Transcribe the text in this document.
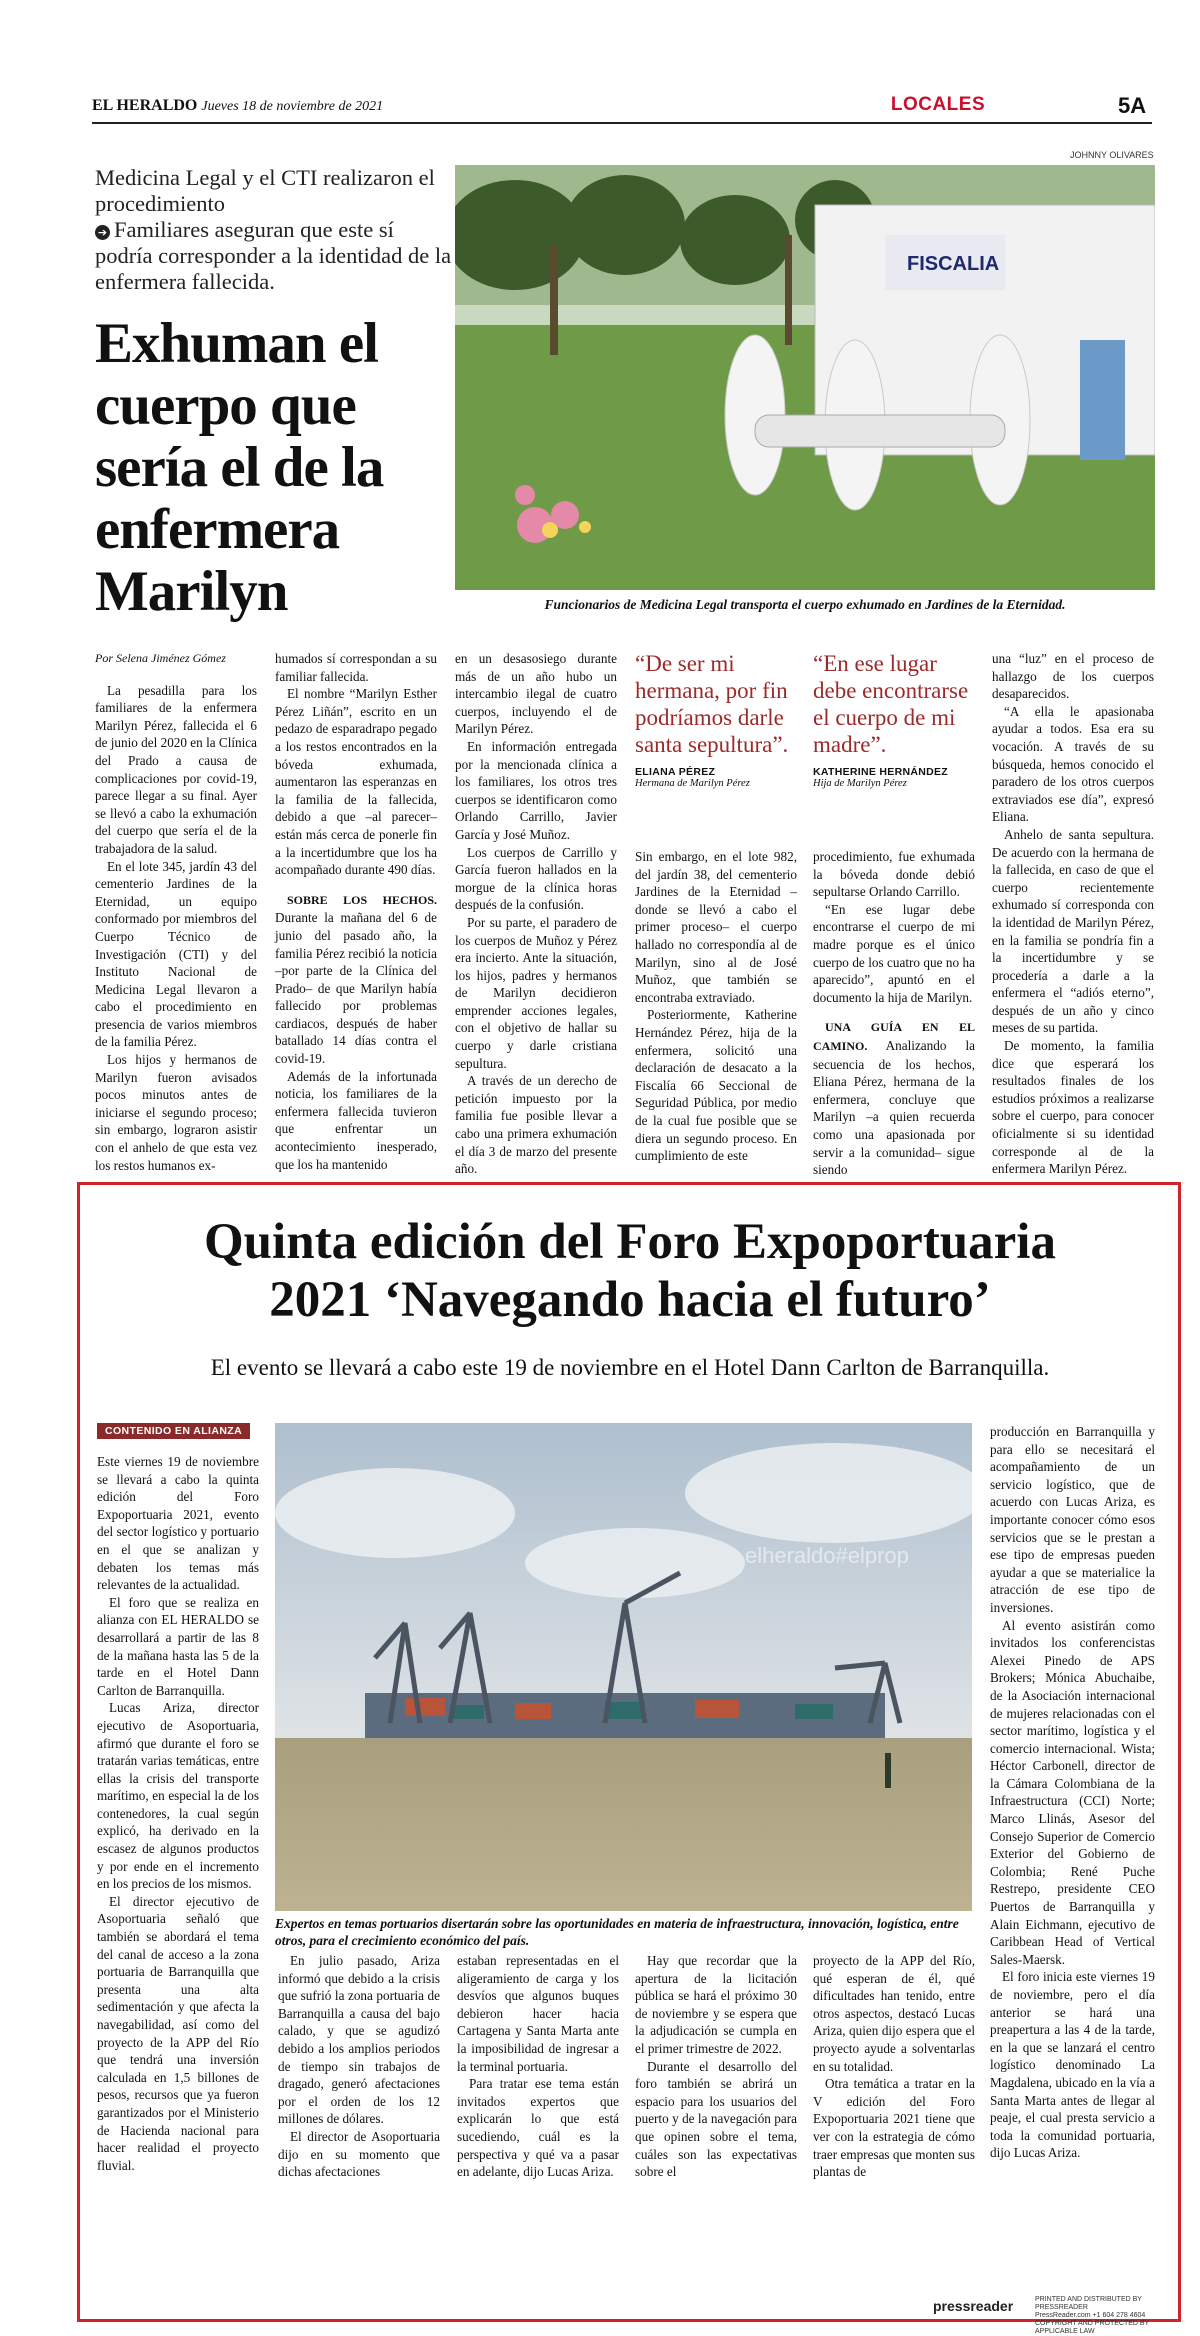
EL HERALDO Jueves 18 de noviembre de 2021	LOCALES	5A
JOHNNY OLIVARES
Medicina Legal y el CTI realizaron el procedimiento
➔ Familiares aseguran que este sí podría corresponder a la identidad de la enfermera fallecida.
Exhuman el cuerpo que sería el de la enfermera Marilyn
FISCALIA
Funcionarios de Medicina Legal transporta el cuerpo exhumado en Jardines de la Eternidad.

Por Selena Jiménez Gómez

La pesadilla para los familiares de la enfermera Marilyn Pérez, fallecida el 6 de junio del 2020 en la Clínica del Prado a causa de complicaciones por covid-19, parece llegar a su final. Ayer se llevó a cabo la exhumación del cuerpo que sería el de la trabajadora de la salud.

En el lote 345, jardín 43 del cementerio Jardines de la Eternidad, un equipo conformado por miembros del Cuerpo Técnico de Investigación (CTI) y del Instituto Nacional de Medicina Legal llevaron a cabo el procedimiento en presencia de varios miembros de la familia Pérez.

Los hijos y hermanos de Marilyn fueron avisados pocos minutos antes de iniciarse el segundo proceso; sin embargo, lograron asistir con el anhelo de que esta vez los restos humanos ex-

humados sí correspondan a su familiar fallecida.

El nombre “Marilyn Esther Pérez Liñán”, escrito en un pedazo de esparadrapo pegado a los restos encontrados en la bóveda exhumada, aumentaron las esperanzas en la familia de la fallecida, debido a que –al parecer– están más cerca de ponerle fin a la incertidumbre que los ha acompañado durante 490 días.

SOBRE LOS HECHOS. Durante la mañana del 6 de junio del pasado año, la familia Pérez recibió la noticia –por parte de la Clínica del Prado– de que Marilyn había fallecido por problemas cardiacos, después de haber batallado 14 días contra el covid-19.

Además de la infortunada noticia, los familiares de la enfermera fallecida tuvieron que enfrentar un acontecimiento inesperado, que los ha mantenido

en un desasosiego durante más de un año hubo un intercambio ilegal de cuatro cuerpos, incluyendo el de Marilyn Pérez.

En información entregada por la mencionada clínica a los familiares, los otros tres cuerpos se identificaron como Orlando Carrillo, Javier García y José Muñoz.

Los cuerpos de Carrillo y García fueron hallados en la morgue de la clínica horas después de la confusión.

Por su parte, el paradero de los cuerpos de Muñoz y Pérez era incierto. Ante la situación, los hijos, padres y hermanos de Marilyn decidieron emprender acciones legales, con el objetivo de hallar su cuerpo y darle cristiana sepultura.

A través de un derecho de petición impuesto por la familia fue posible llevar a cabo una primera exhumación el día 3 de marzo del presente año.

“De ser mi hermana, por fin podríamos darle santa sepultura”.
ELIANA PÉREZ
Hermana de Marilyn Pérez
“En ese lugar debe encontrarse el cuerpo de mi madre”.
KATHERINE HERNÁNDEZ
Hija de Marilyn Pérez

Sin embargo, en el lote 982, del jardín 38, del cementerio Jardines de la Eternidad –donde se llevó a cabo el primer proceso– el cuerpo hallado no correspondía al de Marilyn, sino al de José Muñoz, que también se encontraba extraviado.

Posteriormente, Katherine Hernández Pérez, hija de la enfermera, solicitó una declaración de desacato a la Fiscalía 66 Seccional de Seguridad Pública, por medio de la cual fue posible que se diera un segundo proceso. En cumplimiento de este

procedimiento, fue exhumada la bóveda donde debió sepultarse Orlando Carrillo.

“En ese lugar debe encontrarse el cuerpo de mi madre porque es el único cuerpo de los cuatro que no ha aparecido”, apuntó en el documento la hija de Marilyn.

UNA GUÍA EN EL CAMINO. Analizando la secuencia de los hechos, Eliana Pérez, hermana de la enfermera, concluye que Marilyn –a quien recuerda como una apasionada por servir a la comunidad– sigue siendo

una “luz” en el proceso de hallazgo de los cuerpos desaparecidos.

“A ella le apasionaba ayudar a todos. Esa era su vocación. A través de su búsqueda, hemos conocido el paradero de los otros cuerpos extraviados ese día”, expresó Eliana.

Anhelo de santa sepultura. De acuerdo con la hermana de la fallecida, en caso de que el cuerpo recientemente exhumado sí corresponda con la identidad de Marilyn Pérez, en la familia se pondría fin a la incertidumbre y se procedería a darle a la enfermera el “adiós eterno”, después de un año y cinco meses de su partida.

De momento, la familia dice que esperará los resultados finales de los estudios próximos a realizarse sobre el cuerpo, para conocer oficialmente si su identidad corresponde al de la enfermera Marilyn Pérez.

Quinta edición del Foro Expoportuaria
2021 ‘Navegando hacia el futuro’
El evento se llevará a cabo este 19 de noviembre en el Hotel Dann Carlton de Barranquilla.
CONTENIDO EN ALIANZA
elheraldo#elprop
Expertos en temas portuarios disertarán sobre las oportunidades en materia de infraestructura, innovación, logística, entre otros, para el crecimiento económico del país.

Este viernes 19 de noviembre se llevará a cabo la quinta edición del Foro Expoportuaria 2021, evento del sector logístico y portuario en el que se analizan y debaten los temas más relevantes de la actualidad.

El foro que se realiza en alianza con EL HERALDO se desarrollará a partir de las 8 de la mañana hasta las 5 de la tarde en el Hotel Dann Carlton de Barranquilla.

Lucas Ariza, director ejecutivo de Asoportuaria, afirmó que durante el foro se tratarán varias temáticas, entre ellas la crisis del transporte marítimo, en especial la de los contenedores, la cual según explicó, ha derivado en la escasez de algunos productos y por ende en el incremento en los precios de los mismos.

El director ejecutivo de Asoportuaria señaló que también se abordará el tema del canal de acceso a la zona portuaria de Barranquilla que presenta una alta sedimentación y que afecta la navegabilidad, así como del proyecto de la APP del Río que tendrá una inversión calculada en 1,5 billones de pesos, recursos que ya fueron garantizados por el Ministerio de Hacienda nacional para hacer realidad el proyecto fluvial.

En julio pasado, Ariza informó que debido a la crisis que sufrió la zona portuaria de Barranquilla a causa del bajo calado, y que se agudizó debido a los amplios periodos de tiempo sin trabajos de dragado, generó afectaciones por el orden de los 12 millones de dólares.

El director de Asoportuaria dijo en su momento que dichas afectaciones

estaban representadas en el aligeramiento de carga y los desvíos que algunos buques debieron hacer hacia Cartagena y Santa Marta ante la imposibilidad de ingresar a la terminal portuaria.

Para tratar ese tema están invitados expertos que explicarán lo que está sucediendo, cuál es la perspectiva y qué va a pasar en adelante, dijo Lucas Ariza.

Hay que recordar que la apertura de la licitación pública se hará el próximo 30 de noviembre y se espera que la adjudicación se cumpla en el primer trimestre de 2022.

Durante el desarrollo del foro también se abrirá un espacio para los usuarios del puerto y de la navegación para que opinen sobre el tema, cuáles son las expectativas sobre el

proyecto de la APP del Río, qué esperan de él, qué dificultades han tenido, entre otros aspectos, destacó Lucas Ariza, quien dijo espera que el proyecto ayude a solventarlas en su totalidad.

Otra temática a tratar en la V edición del Foro Expoportuaria 2021 tiene que ver con la estrategia de cómo traer empresas que monten sus plantas de

producción en Barranquilla y para ello se necesitará el acompañamiento de un servicio logístico, que de acuerdo con Lucas Ariza, es importante conocer cómo esos servicios que se le prestan a ese tipo de empresas pueden ayudar a que se materialice la atracción de ese tipo de inversiones.

Al evento asistirán como invitados los conferencistas Alexei Pinedo de APS Brokers; Mónica Abuchaibe, de la Asociación internacional de mujeres relacionadas con el sector marítimo, logística y el comercio internacional. Wista; Héctor Carbonell, director de la Cámara Colombiana de la Infraestructura (CCI) Norte; Marco Llinás, Asesor del Consejo Superior de Comercio Exterior del Gobierno de Colombia; René Puche Restrepo, presidente CEO Puertos de Barranquilla y Alain Eichmann, ejecutivo de Caribbean Head of Vertical Sales-Maersk.

El foro inicia este viernes 19 de noviembre, pero el día anterior se hará una preapertura a las 4 de la tarde, en la que se lanzará el centro logístico denominado La Magdalena, ubicado en la vía a Santa Marta antes de llegar al peaje, el cual presta servicio a toda la comunidad portuaria, dijo Lucas Ariza.

pressreader	PRINTED AND DISTRIBUTED BY PRESSREADER
PressReader.com +1 604 278 4604
COPYRIGHT AND PROTECTED BY APPLICABLE LAW
